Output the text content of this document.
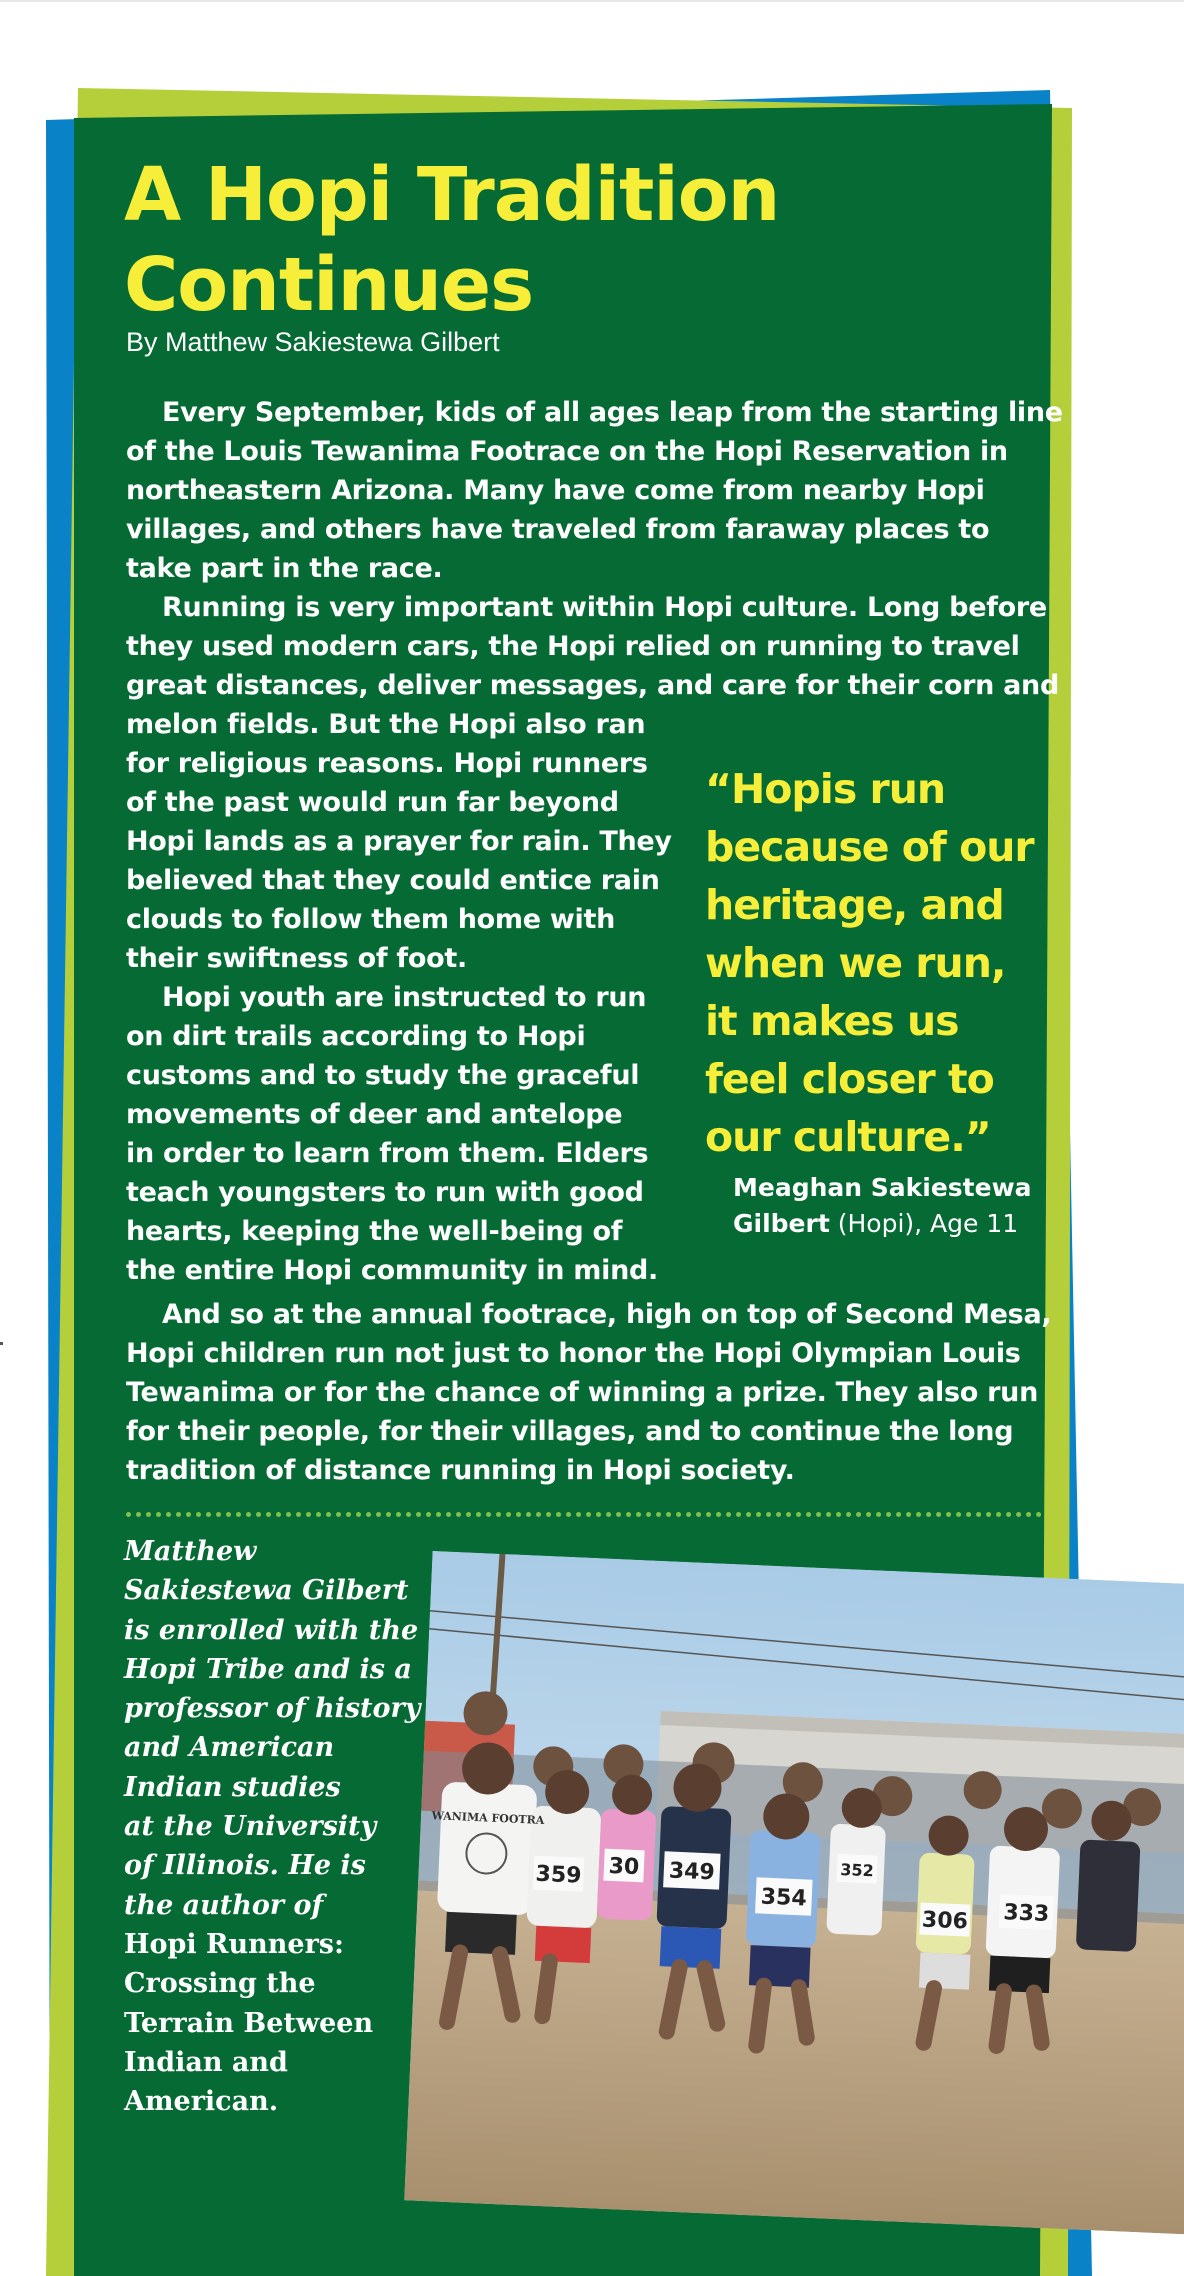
A Hopi Tradition Continues

By Matthew Sakiestewa Gilbert

Every September, kids of all ages leap from the starting line
of the Louis Tewanima Footrace on the Hopi Reservation in
northeastern Arizona. Many have come from nearby Hopi
villages, and others have traveled from faraway places to
take part in the race.

Running is very important within Hopi culture. Long before
they used modern cars, the Hopi relied on running to travel
great distances, deliver messages, and care for their corn and
melon fields. But the Hopi also ran
for religious reasons. Hopi runners
of the past would run far beyond
Hopi lands as a prayer for rain. They
believed that they could entice rain
clouds to follow them home with
their swiftness of foot.

Hopi youth are instructed to run
on dirt trails according to Hopi
customs and to study the graceful
movements of deer and antelope
in order to learn from them. Elders
teach youngsters to run with good
hearts, keeping the well-being of
the entire Hopi community in mind.

And so at the annual footrace, high on top of Second Mesa,
Hopi children run not just to honor the Hopi Olympian Louis
Tewanima or for the chance of winning a prize. They also run
for their people, for their villages, and to continue the long
tradition of distance running in Hopi society.

“Hopis run
because of our
heritage, and
when we run,
it makes us
feel closer to
our culture.”

Meaghan Sakiestewa
Gilbert (Hopi), Age 11

Matthew
Sakiestewa Gilbert
is enrolled with the
Hopi Tribe and is a
professor of history
and American
Indian studies
at the University
of Illinois. He is
the author of
Hopi Runners:
Crossing the
Terrain Between
Indian and
American.

349
354
306 333
359 30	352
WANIMA FOOTRA
